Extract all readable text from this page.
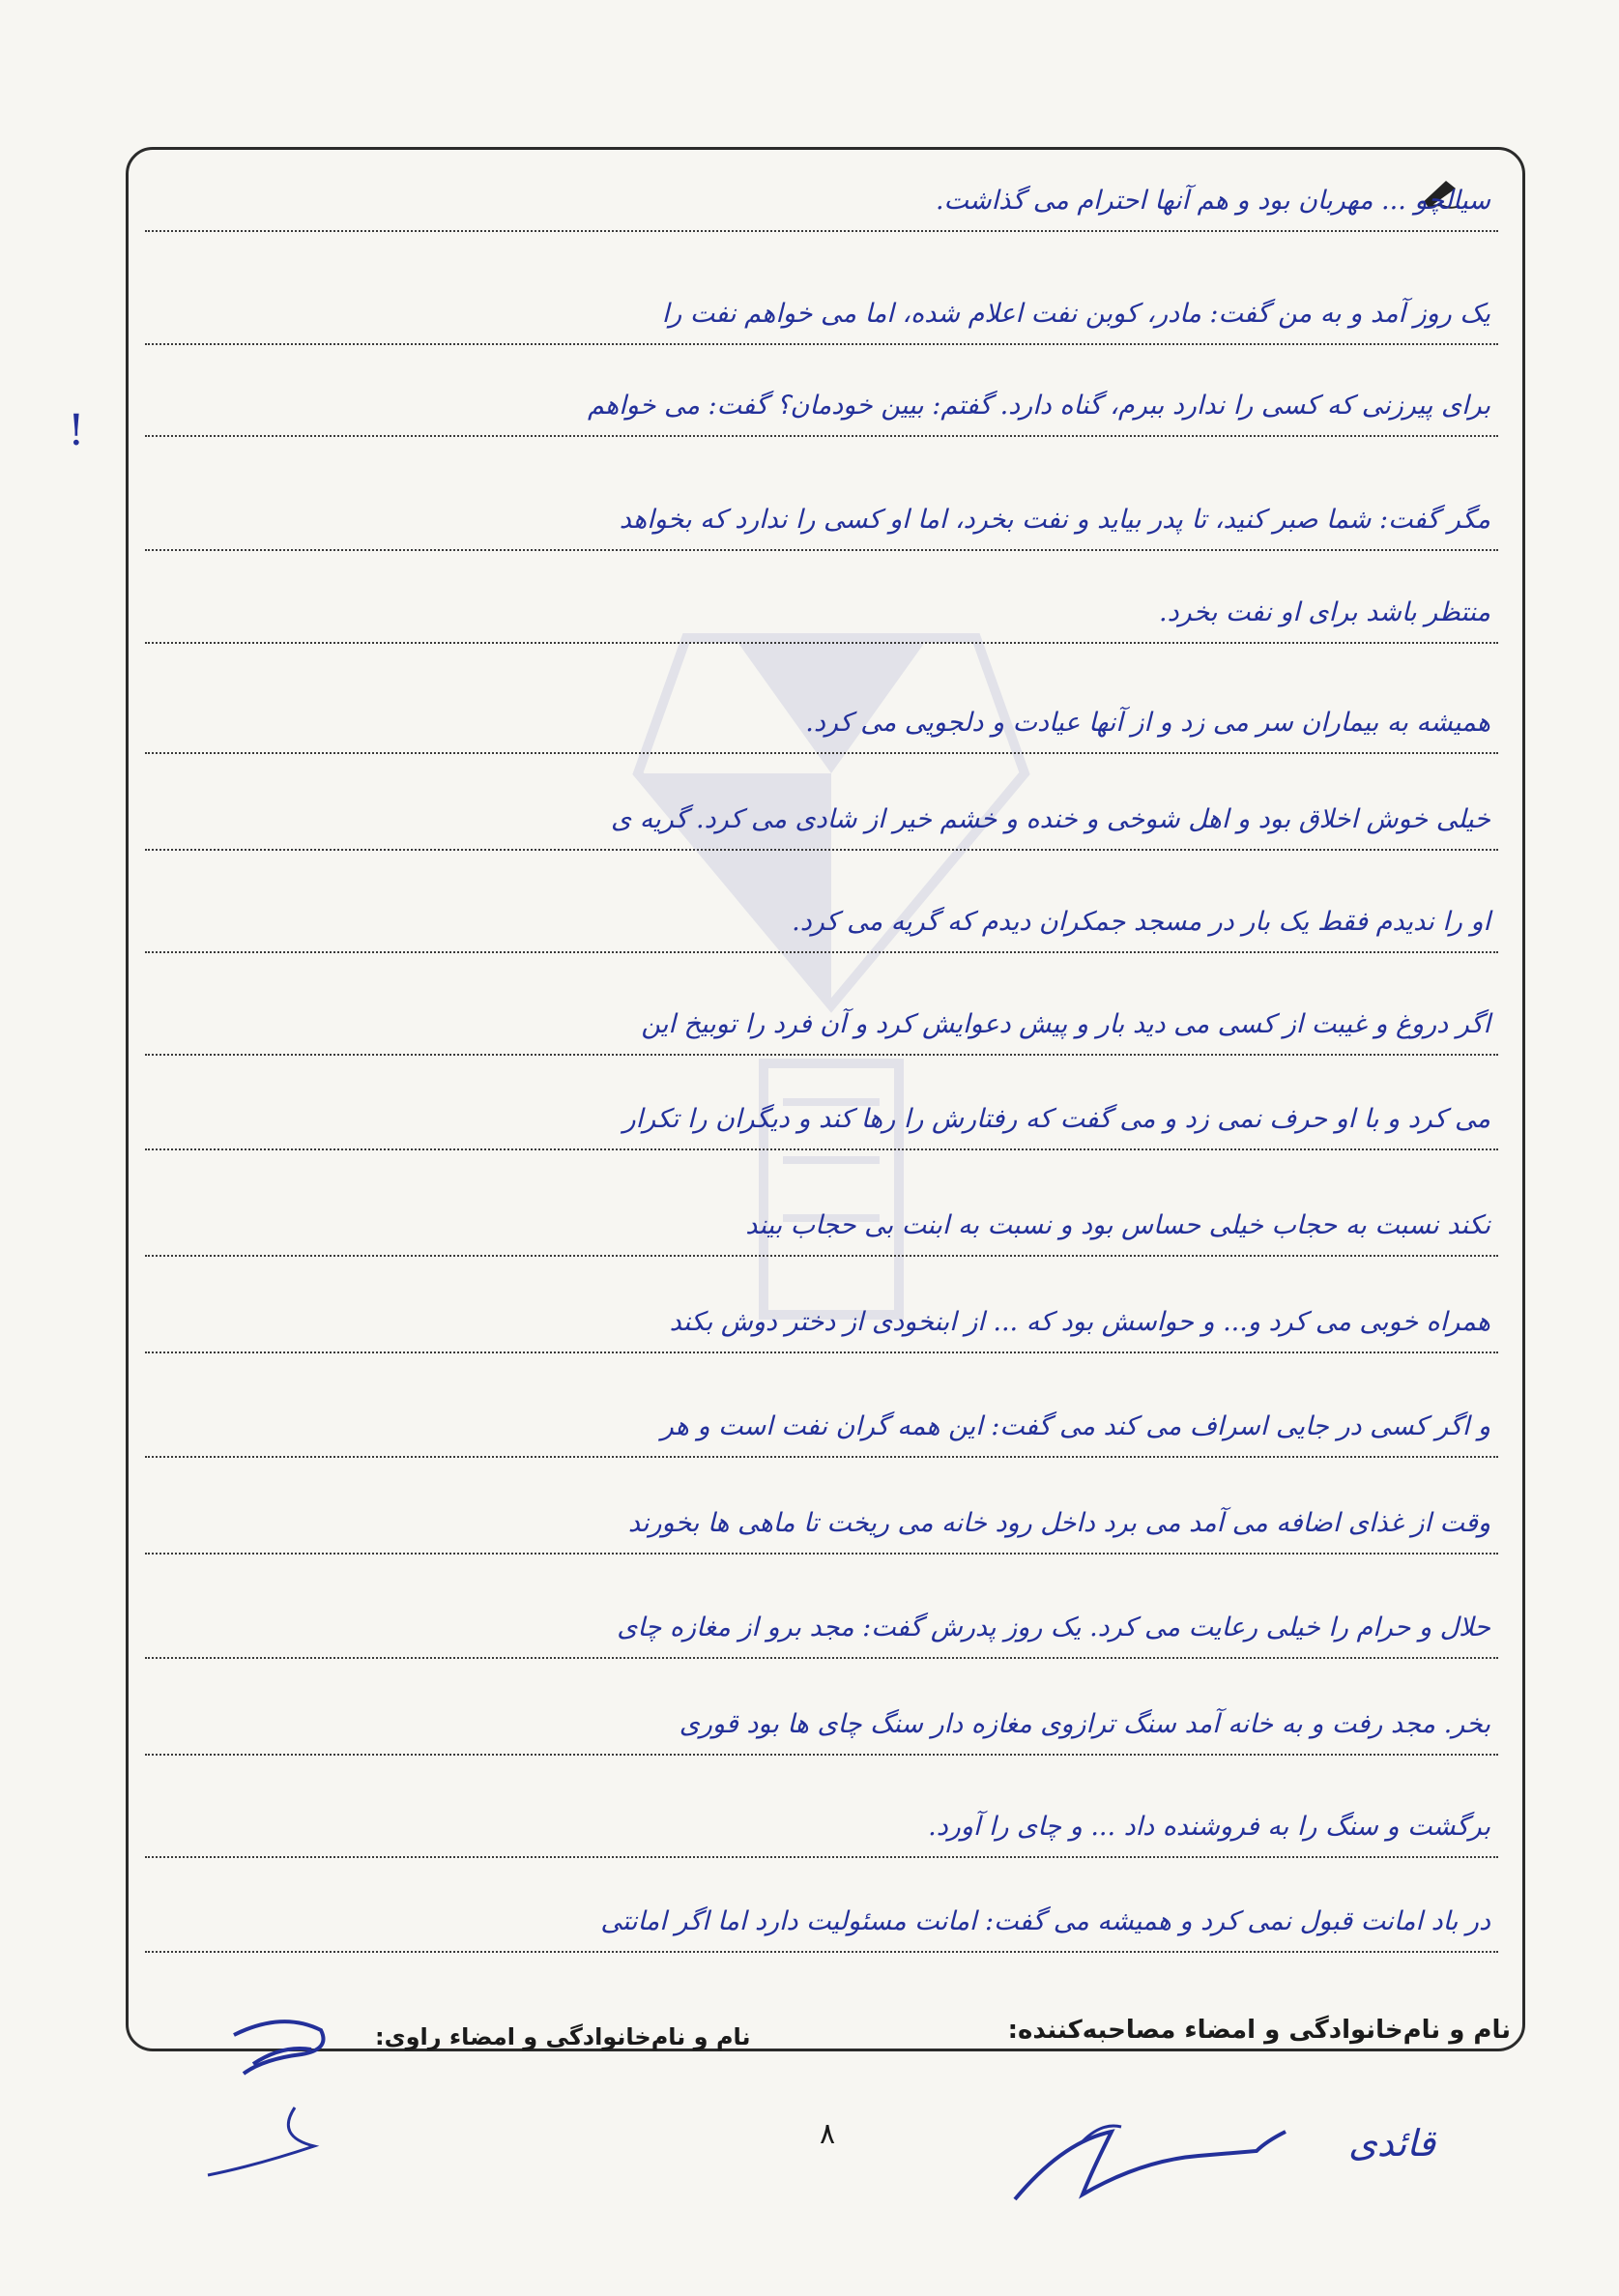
!
سیالچو ... مهربان بود و هم آنها احترام می گذاشت.
یک روز آمد و به من گفت: مادر، کوبن نفت اعلام شده، اما می خواهم نفت را
برای پیرزنی که کسی را ندارد ببرم، گناه دارد. گفتم: بیین خودمان؟ گفت: می خواهم
مگر گفت: شما صبر کنید، تا پدر بیاید و نفت بخرد، اما او کسی را ندارد که بخواهد
منتظر باشد برای او نفت بخرد.
همیشه به بیماران سر می زد و از آنها عیادت و دلجویی می کرد.
خیلی خوش اخلاق بود و اهل شوخی و خنده و خشم خیر از شادی می کرد. گریه ی
او را ندیدم فقط یک بار در مسجد جمکران دیدم که گریه می کرد.
اگر دروغ و غیبت از کسی می دید بار و پیش دعوایش کرد و آن فرد را توبیخ این
می کرد و با او حرف نمی زد و می گفت که رفتارش را رها کند و دیگران را تکرار
نکند نسبت به حجاب خیلی حساس بود و نسبت به ابنت بی حجاب بیند
همراه خوبی می کرد و... و حواسش بود که ... از ابنخودی از دختر دوش بکند
و اگر کسی در جایی اسراف می کند می گفت: این همه گران نفت است و هر
وقت از غذای اضافه می آمد می برد داخل رود خانه می ریخت تا ماهی ها بخورند
حلال و حرام را خیلی رعایت می کرد. یک روز پدرش گفت: مجد برو از مغازه چای
بخر. مجد رفت و به خانه آمد سنگ ترازوی مغازه دار سنگ چای ها بود قوری
برگشت و سنگ را به فروشنده داد ... و چای را آورد.
در باد امانت قبول نمی کرد و همیشه می گفت: امانت مسئولیت دارد اما اگر امانتی
نام و نام‌خانوادگی و امضاء مصاحبه‌کننده:
نام و نام‌خانوادگی و امضاء راوی:
۸	قائدی
